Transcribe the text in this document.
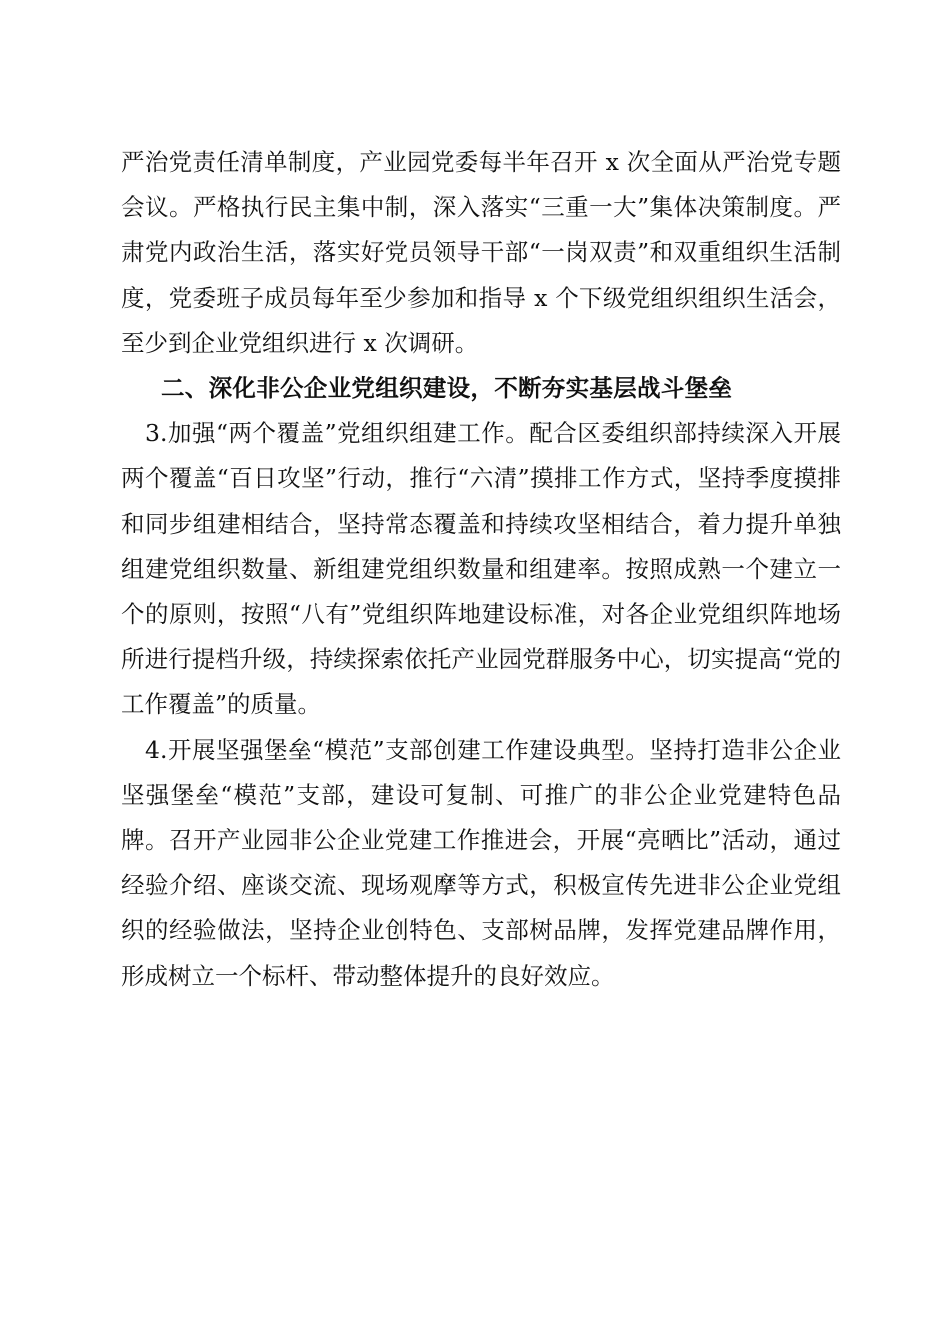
严治党责任清单制度，产业园党委每半年召开 x 次全面从严治党专题会议。严格执行民主集中制，深入落实“三重一大”集体决策制度。严肃党内政治生活，落实好党员领导干部“一岗双责”和双重组织生活制度，党委班子成员每年至少参加和指导 x 个下级党组织组织生活会，至少到企业党组织进行 x 次调研。

二、深化非公企业党组织建设，不断夯实基层战斗堡垒

3.加强“两个覆盖”党组织组建工作。配合区委组织部持续深入开展两个覆盖“百日攻坚”行动，推行“六清”摸排工作方式，坚持季度摸排和同步组建相结合，坚持常态覆盖和持续攻坚相结合，着力提升单独组建党组织数量、新组建党组织数量和组建率。按照成熟一个建立一个的原则，按照“八有”党组织阵地建设标准，对各企业党组织阵地场所进行提档升级，持续探索依托产业园党群服务中心，切实提高“党的工作覆盖”的质量。

4.开展坚强堡垒“模范”支部创建工作建设典型。坚持打造非公企业坚强堡垒“模范”支部，建设可复制、可推广的非公企业党建特色品牌。召开产业园非公企业党建工作推进会，开展“亮晒比”活动，通过经验介绍、座谈交流、现场观摩等方式，积极宣传先进非公企业党组织的经验做法，坚持企业创特色、支部树品牌，发挥党建品牌作用，形成树立一个标杆、带动整体提升的良好效应。
